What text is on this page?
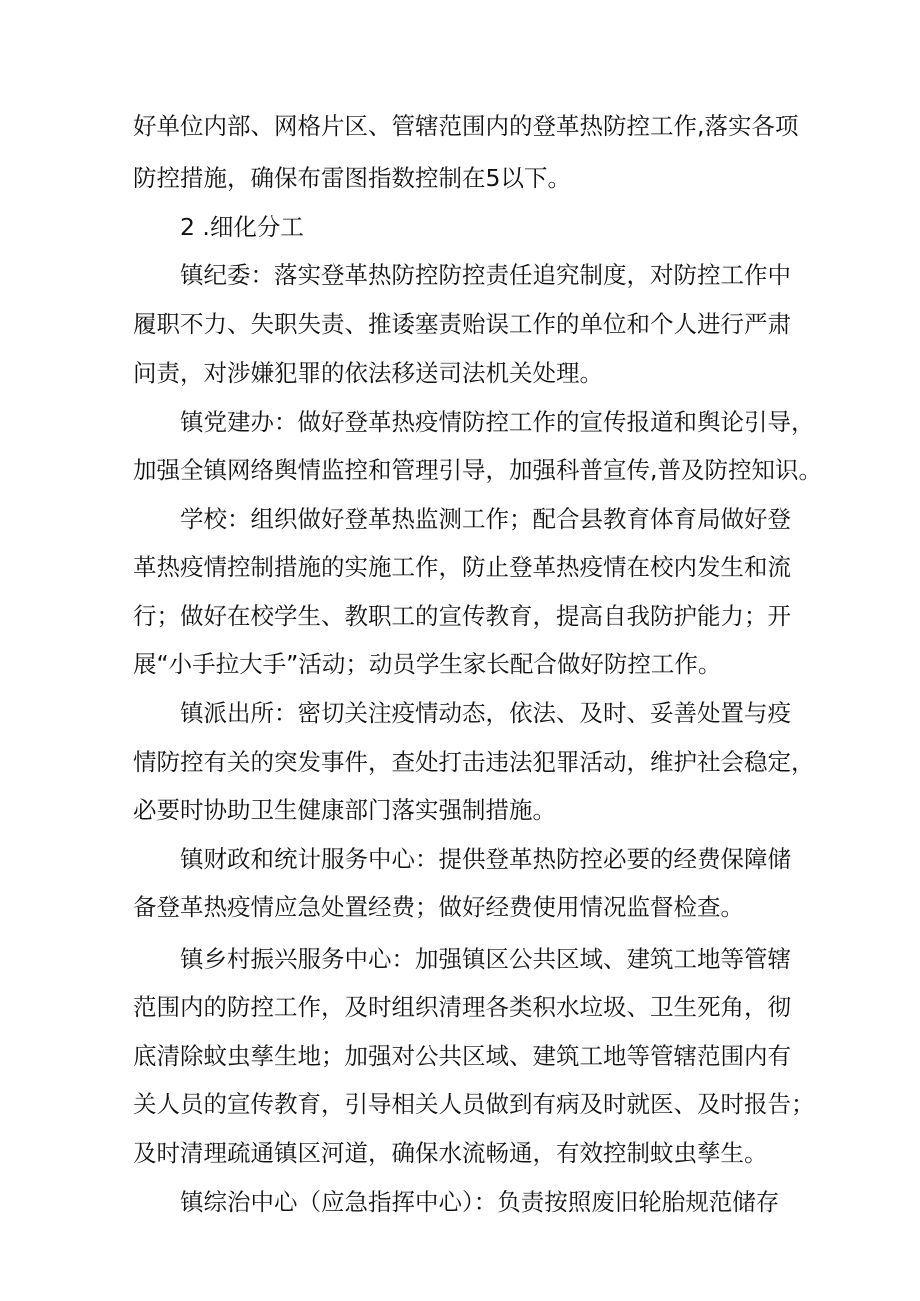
好单位内部、网格片区、管辖范围内的登革热防控工作,落实各项

防控措施，确保布雷图指数控制在5以下。

2 .细化分工

镇纪委：落实登革热防控防控责任追究制度，对防控工作中

履职不力、失职失责、推诿塞责贻误工作的单位和个人进行严肃

问责，对涉嫌犯罪的依法移送司法机关处理。

镇党建办：做好登革热疫情防控工作的宣传报道和舆论引导，

加强全镇网络舆情监控和管理引导，加强科普宣传,普及防控知识。

学校：组织做好登革热监测工作；配合县教育体育局做好登

革热疫情控制措施的实施工作，防止登革热疫情在校内发生和流

行；做好在校学生、教职工的宣传教育，提高自我防护能力；开

展“小手拉大手”活动；动员学生家长配合做好防控工作。

镇派出所：密切关注疫情动态，依法、及时、妥善处置与疫

情防控有关的突发事件，查处打击违法犯罪活动，维护社会稳定，

必要时协助卫生健康部门落实强制措施。

镇财政和统计服务中心：提供登革热防控必要的经费保障储

备登革热疫情应急处置经费；做好经费使用情况监督检查。

镇乡村振兴服务中心：加强镇区公共区域、建筑工地等管辖

范围内的防控工作，及时组织清理各类积水垃圾、卫生死角，彻

底清除蚊虫孳生地；加强对公共区域、建筑工地等管辖范围内有

关人员的宣传教育，引导相关人员做到有病及时就医、及时报告；

及时清理疏通镇区河道，确保水流畅通，有效控制蚊虫孳生。

镇综治中心（应急指挥中心）：负责按照废旧轮胎规范储存
